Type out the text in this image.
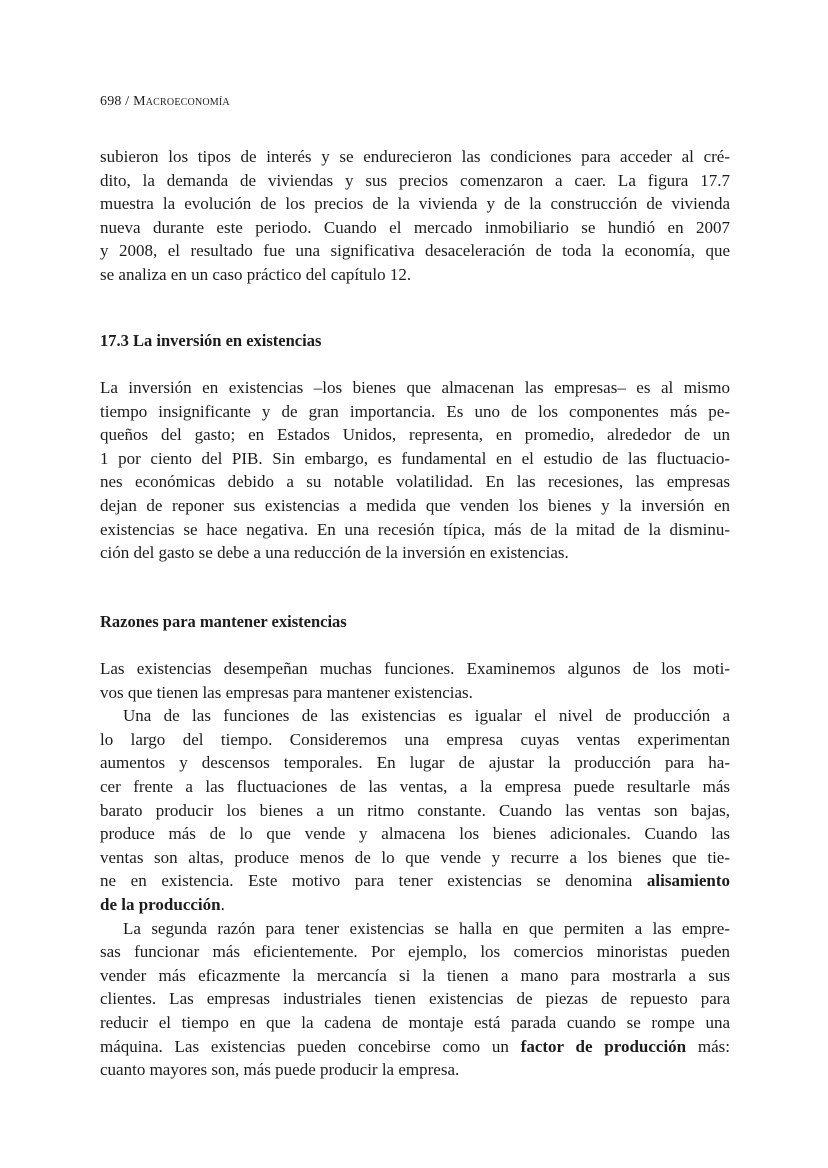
698 / Macroeconomía
subieron los tipos de interés y se endurecieron las condiciones para acceder al cré-
dito, la demanda de viviendas y sus precios comenzaron a caer. La figura 17.7
muestra la evolución de los precios de la vivienda y de la construcción de vivienda
nueva durante este periodo. Cuando el mercado inmobiliario se hundió en 2007
y 2008, el resultado fue una significativa desaceleración de toda la economía, que
se analiza en un caso práctico del capítulo 12.
17.3 La inversión en existencias
La inversión en existencias –los bienes que almacenan las empresas– es al mismo
tiempo insignificante y de gran importancia. Es uno de los componentes más pe-
queños del gasto; en Estados Unidos, representa, en promedio, alrededor de un
1 por ciento del PIB. Sin embargo, es fundamental en el estudio de las fluctuacio-
nes económicas debido a su notable volatilidad. En las recesiones, las empresas
dejan de reponer sus existencias a medida que venden los bienes y la inversión en
existencias se hace negativa. En una recesión típica, más de la mitad de la disminu-
ción del gasto se debe a una reducción de la inversión en existencias.
Razones para mantener existencias
Las existencias desempeñan muchas funciones. Examinemos algunos de los moti-
vos que tienen las empresas para mantener existencias.
Una de las funciones de las existencias es igualar el nivel de producción a
lo largo del tiempo. Consideremos una empresa cuyas ventas experimentan
aumentos y descensos temporales. En lugar de ajustar la producción para ha-
cer frente a las fluctuaciones de las ventas, a la empresa puede resultarle más
barato producir los bienes a un ritmo constante. Cuando las ventas son bajas,
produce más de lo que vende y almacena los bienes adicionales. Cuando las
ventas son altas, produce menos de lo que vende y recurre a los bienes que tie-
ne en existencia. Este motivo para tener existencias se denomina alisamiento
de la producción.
La segunda razón para tener existencias se halla en que permiten a las empre-
sas funcionar más eficientemente. Por ejemplo, los comercios minoristas pueden
vender más eficazmente la mercancía si la tienen a mano para mostrarla a sus
clientes. Las empresas industriales tienen existencias de piezas de repuesto para
reducir el tiempo en que la cadena de montaje está parada cuando se rompe una
máquina. Las existencias pueden concebirse como un factor de producción más:
cuanto mayores son, más puede producir la empresa.
